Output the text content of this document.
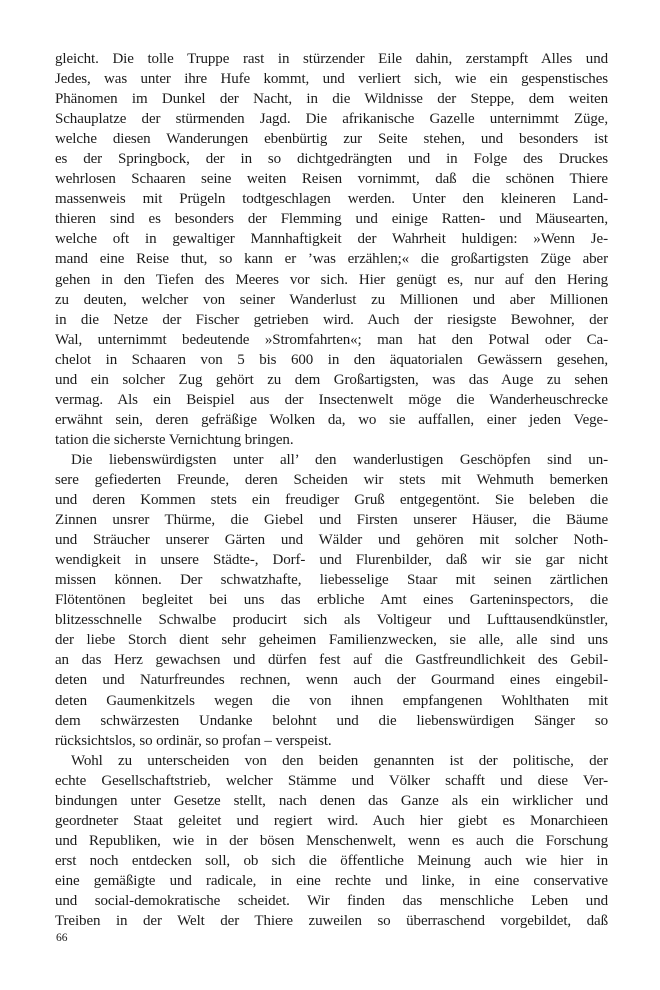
gleicht. Die tolle Truppe rast in stürzender Eile dahin, zerstampft Alles und
Jedes, was unter ihre Hufe kommt, und verliert sich, wie ein gespenstisches
Phänomen im Dunkel der Nacht, in die Wildnisse der Steppe, dem weiten
Schauplatze der stürmenden Jagd. Die afrikanische Gazelle unternimmt Züge,
welche diesen Wanderungen ebenbürtig zur Seite stehen, und besonders ist
es der Springbock, der in so dichtgedrängten und in Folge des Druckes
wehrlosen Schaaren seine weiten Reisen vornimmt, daß die schönen Thiere
massenweis mit Prügeln todtgeschlagen werden. Unter den kleineren Land-
thieren sind es besonders der Flemming und einige Ratten- und Mäusearten,
welche oft in gewaltiger Mannhaftigkeit der Wahrheit huldigen: »Wenn Je-
mand eine Reise thut, so kann er ’was erzählen;« die großartigsten Züge aber
gehen in den Tiefen des Meeres vor sich. Hier genügt es, nur auf den Hering
zu deuten, welcher von seiner Wanderlust zu Millionen und aber Millionen
in die Netze der Fischer getrieben wird. Auch der riesigste Bewohner, der
Wal, unternimmt bedeutende »Stromfahrten«; man hat den Potwal oder Ca-
chelot in Schaaren von 5 bis 600 in den äquatorialen Gewässern gesehen,
und ein solcher Zug gehört zu dem Großartigsten, was das Auge zu sehen
vermag. Als ein Beispiel aus der Insectenwelt möge die Wanderheuschrecke
erwähnt sein, deren gefräßige Wolken da, wo sie auffallen, einer jeden Vege-
tation die sicherste Vernichtung bringen.

Die liebenswürdigsten unter all’ den wanderlustigen Geschöpfen sind un-
sere gefiederten Freunde, deren Scheiden wir stets mit Wehmuth bemerken
und deren Kommen stets ein freudiger Gruß entgegentönt. Sie beleben die
Zinnen unsrer Thürme, die Giebel und Firsten unserer Häuser, die Bäume
und Sträucher unserer Gärten und Wälder und gehören mit solcher Noth-
wendigkeit in unsere Städte-, Dorf- und Flurenbilder, daß wir sie gar nicht
missen können. Der schwatzhafte, liebesselige Staar mit seinen zärtlichen
Flötentönen begleitet bei uns das erbliche Amt eines Garteninspectors, die
blitzesschnelle Schwalbe producirt sich als Voltigeur und Lufttausendkünstler,
der liebe Storch dient sehr geheimen Familienzwecken, sie alle, alle sind uns
an das Herz gewachsen und dürfen fest auf die Gastfreundlichkeit des Gebil-
deten und Naturfreundes rechnen, wenn auch der Gourmand eines eingebil-
deten Gaumenkitzels wegen die von ihnen empfangenen Wohlthaten mit
dem schwärzesten Undanke belohnt und die liebenswürdigen Sänger so
rücksichtslos, so ordinär, so profan – verspeist.

Wohl zu unterscheiden von den beiden genannten ist der politische, der
echte Gesellschaftstrieb, welcher Stämme und Völker schafft und diese Ver-
bindungen unter Gesetze stellt, nach denen das Ganze als ein wirklicher und
geordneter Staat geleitet und regiert wird. Auch hier giebt es Monarchieen
und Republiken, wie in der bösen Menschenwelt, wenn es auch die Forschung
erst noch entdecken soll, ob sich die öffentliche Meinung auch wie hier in
eine gemäßigte und radicale, in eine rechte und linke, in eine conservative
und social-demokratische scheidet. Wir finden das menschliche Leben und
Treiben in der Welt der Thiere zuweilen so überraschend vorgebildet, daß

66
